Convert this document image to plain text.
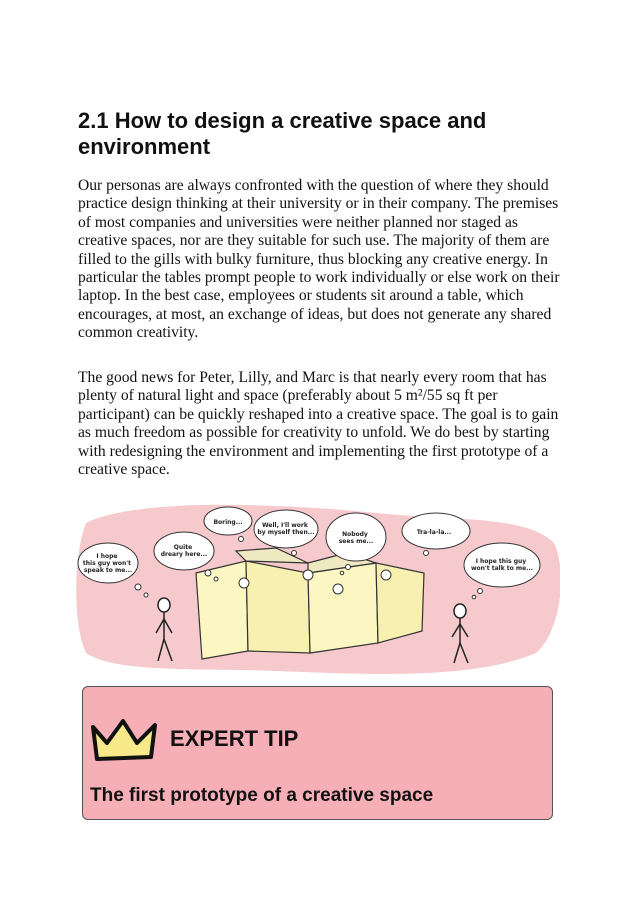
2.1 How to design a creative space and environment

Our personas are always confronted with the question of where they should practice design thinking at their university or in their company. The premises of most companies and universities were neither planned nor staged as creative spaces, nor are they suitable for such use. The majority of them are filled to the gills with bulky furniture, thus blocking any creative energy. In particular the tables prompt people to work individually or else work on their laptop. In the best case, employees or students sit around a table, which encourages, at most, an exchange of ideas, but does not generate any shared common creativity.

The good news for Peter, Lilly, and Marc is that nearly every room that has plenty of natural light and space (preferably about 5 m²/55 sq ft per participant) can be quickly reshaped into a creative space. The goal is to gain as much freedom as possible for creativity to unfold. We do best by starting with redesigning the environment and implementing the first prototype of a creative space.

I hope this guy won't speak to me...
Quite dreary here...
Boring...	Well, I'll work by myself then...	Nobody sees me...
Tra-la-la...
I hope this guy won't talk to me...
EXPERT TIP
The first prototype of a creative space
